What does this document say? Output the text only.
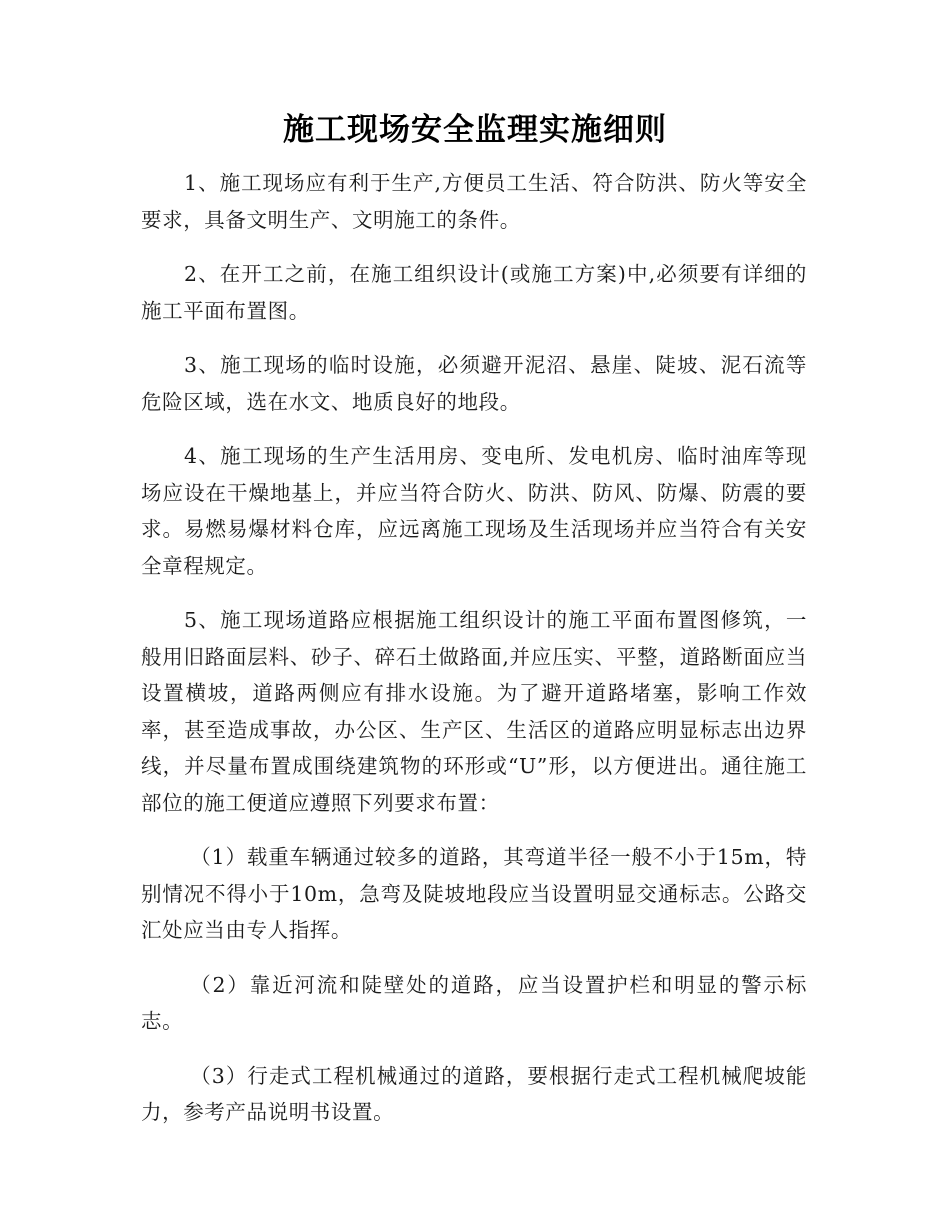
施工现场安全监理实施细则

1、施工现场应有利于生产,方便员工生活、符合防洪、防火等安全要求，具备文明生产、文明施工的条件。

2、在开工之前，在施工组织设计(或施工方案)中,必须要有详细的施工平面布置图。

3、施工现场的临时设施，必须避开泥沼、悬崖、陡坡、泥石流等危险区域，选在水文、地质良好的地段。

4、施工现场的生产生活用房、变电所、发电机房、临时油库等现场应设在干燥地基上，并应当符合防火、防洪、防风、防爆、防震的要求。易燃易爆材料仓库，应远离施工现场及生活现场并应当符合有关安全章程规定。

5、施工现场道路应根据施工组织设计的施工平面布置图修筑，一般用旧路面层料、砂子、碎石土做路面,并应压实、平整，道路断面应当设置横坡，道路两侧应有排水设施。为了避开道路堵塞，影响工作效率，甚至造成事故，办公区、生产区、生活区的道路应明显标志出边界线，并尽量布置成围绕建筑物的环形或“U”形，以方便进出。通往施工部位的施工便道应遵照下列要求布置：

（1）载重车辆通过较多的道路，其弯道半径一般不小于15m，特别情况不得小于10m，急弯及陡坡地段应当设置明显交通标志。公路交汇处应当由专人指挥。

（2）靠近河流和陡壁处的道路，应当设置护栏和明显的警示标志。

（3）行走式工程机械通过的道路，要根据行走式工程机械爬坡能力，参考产品说明书设置。
